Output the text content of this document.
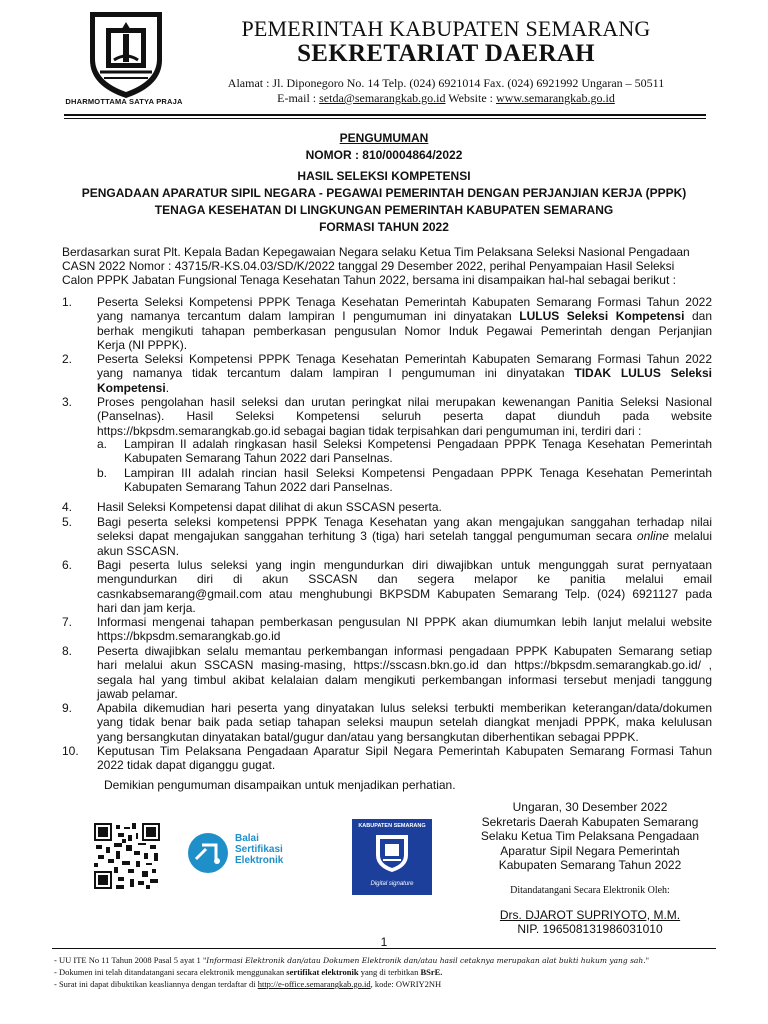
DHARMOTTAMA SATYA PRAJA
PEMERINTAH KABUPATEN SEMARANG
SEKRETARIAT DAERAH
Alamat : Jl. Diponegoro No. 14 Telp. (024) 6921014 Fax. (024) 6921992 Ungaran – 50511
E-mail : setda@semarangkab.go.id Website : www.semarangkab.go.id
PENGUMUMAN
NOMOR : 810/0004864/2022
HASIL SELEKSI KOMPETENSI
PENGADAAN APARATUR SIPIL NEGARA - PEGAWAI PEMERINTAH DENGAN PERJANJIAN KERJA (PPPK)
TENAGA KESEHATAN DI LINGKUNGAN PEMERINTAH KABUPATEN SEMARANG
FORMASI TAHUN 2022
Berdasarkan surat Plt. Kepala Badan Kepegawaian Negara selaku Ketua Tim Pelaksana Seleksi Nasional Pengadaan
CASN 2022 Nomor : 43715/R-KS.04.03/SD/K/2022 tanggal 29 Desember 2022, perihal Penyampaian Hasil Seleksi
Calon PPPK Jabatan Fungsional Tenaga Kesehatan Tahun 2022, bersama ini disampaikan hal-hal sebagai berikut :
1. Peserta Seleksi Kompetensi PPPK Tenaga Kesehatan Pemerintah Kabupaten Semarang Formasi Tahun 2022
yang namanya tercantum dalam lampiran I pengumuman ini dinyatakan LULUS Seleksi Kompetensi dan
berhak mengikuti tahapan pemberkasan pengusulan Nomor Induk Pegawai Pemerintah dengan Perjanjian
Kerja (NI PPPK).
2. Peserta Seleksi Kompetensi PPPK Tenaga Kesehatan Pemerintah Kabupaten Semarang Formasi Tahun 2022
yang namanya tidak tercantum dalam lampiran I pengumuman ini dinyatakan TIDAK LULUS Seleksi
Kompetensi.
3. Proses pengolahan hasil seleksi dan urutan peringkat nilai merupakan kewenangan Panitia Seleksi Nasional
(Panselnas). Hasil Seleksi Kompetensi seluruh peserta dapat diunduh pada website
https://bkpsdm.semarangkab.go.id sebagai bagian tidak terpisahkan dari pengumuman ini, terdiri dari :
a. Lampiran II adalah ringkasan hasil Seleksi Kompetensi Pengadaan PPPK Tenaga Kesehatan Pemerintah
Kabupaten Semarang Tahun 2022 dari Panselnas.
b. Lampiran III adalah rincian hasil Seleksi Kompetensi Pengadaan PPPK Tenaga Kesehatan Pemerintah
Kabupaten Semarang Tahun 2022 dari Panselnas.
4. Hasil Seleksi Kompetensi dapat dilihat di akun SSCASN peserta.
5. Bagi peserta seleksi kompetensi PPPK Tenaga Kesehatan yang akan mengajukan sanggahan terhadap nilai
seleksi dapat mengajukan sanggahan terhitung 3 (tiga) hari setelah tanggal pengumuman secara online melalui
akun SSCASN.
6. Bagi peserta lulus seleksi yang ingin mengundurkan diri diwajibkan untuk mengunggah surat pernyataan
mengundurkan diri di akun SSCASN dan segera melapor ke panitia melalui email
casnkabsemarang@gmail.com atau menghubungi BKPSDM Kabupaten Semarang Telp. (024) 6921127 pada
hari dan jam kerja.
7. Informasi mengenai tahapan pemberkasan pengusulan NI PPPK akan diumumkan lebih lanjut melalui website
https://bkpsdm.semarangkab.go.id
8. Peserta diwajibkan selalu memantau perkembangan informasi pengadaan PPPK Kabupaten Semarang setiap
hari melalui akun SSCASN masing-masing, https://sscasn.bkn.go.id dan https://bkpsdm.semarangkab.go.id/ ,
segala hal yang timbul akibat kelalaian dalam mengikuti perkembangan informasi tersebut menjadi tanggung
jawab pelamar.
9. Apabila dikemudian hari peserta yang dinyatakan lulus seleksi terbukti memberikan keterangan/data/dokumen
yang tidak benar baik pada setiap tahapan seleksi maupun setelah diangkat menjadi PPPK, maka kelulusan
yang bersangkutan dinyatakan batal/gugur dan/atau yang bersangkutan diberhentikan sebagai PPPK.
10. Keputusan Tim Pelaksana Pengadaan Aparatur Sipil Negara Pemerintah Kabupaten Semarang Formasi Tahun
2022 tidak dapat diganggu gugat.
Demikian pengumuman disampaikan untuk menjadikan perhatian.
Ungaran, 30 Desember 2022
Sekretaris Daerah Kabupaten Semarang
Selaku Ketua Tim Pelaksana Pengadaan
Aparatur Sipil Negara Pemerintah
Kabupaten Semarang Tahun 2022
Ditandatangani Secara Elektronik Oleh:
Drs. DJAROT SUPRIYOTO, M.M.
NIP. 196508131986031010
Balai
Sertifikasi
Elektronik
KABUPATEN SEMARANG
Digital signature
1
- UU ITE No 11 Tahun 2008 Pasal 5 ayat 1 "Informasi Elektronik dan/atau Dokumen Elektronik dan/atau hasil cetaknya merupakan alat bukti hukum yang sah."
- Dokumen ini telah ditandatangani secara elektronik menggunakan sertifikat elektronik yang di terbitkan BSrE.
- Surat ini dapat dibuktikan keasliannya dengan terdaftar di http://e-office.semarangkab.go.id, kode: OWRIY2NH
